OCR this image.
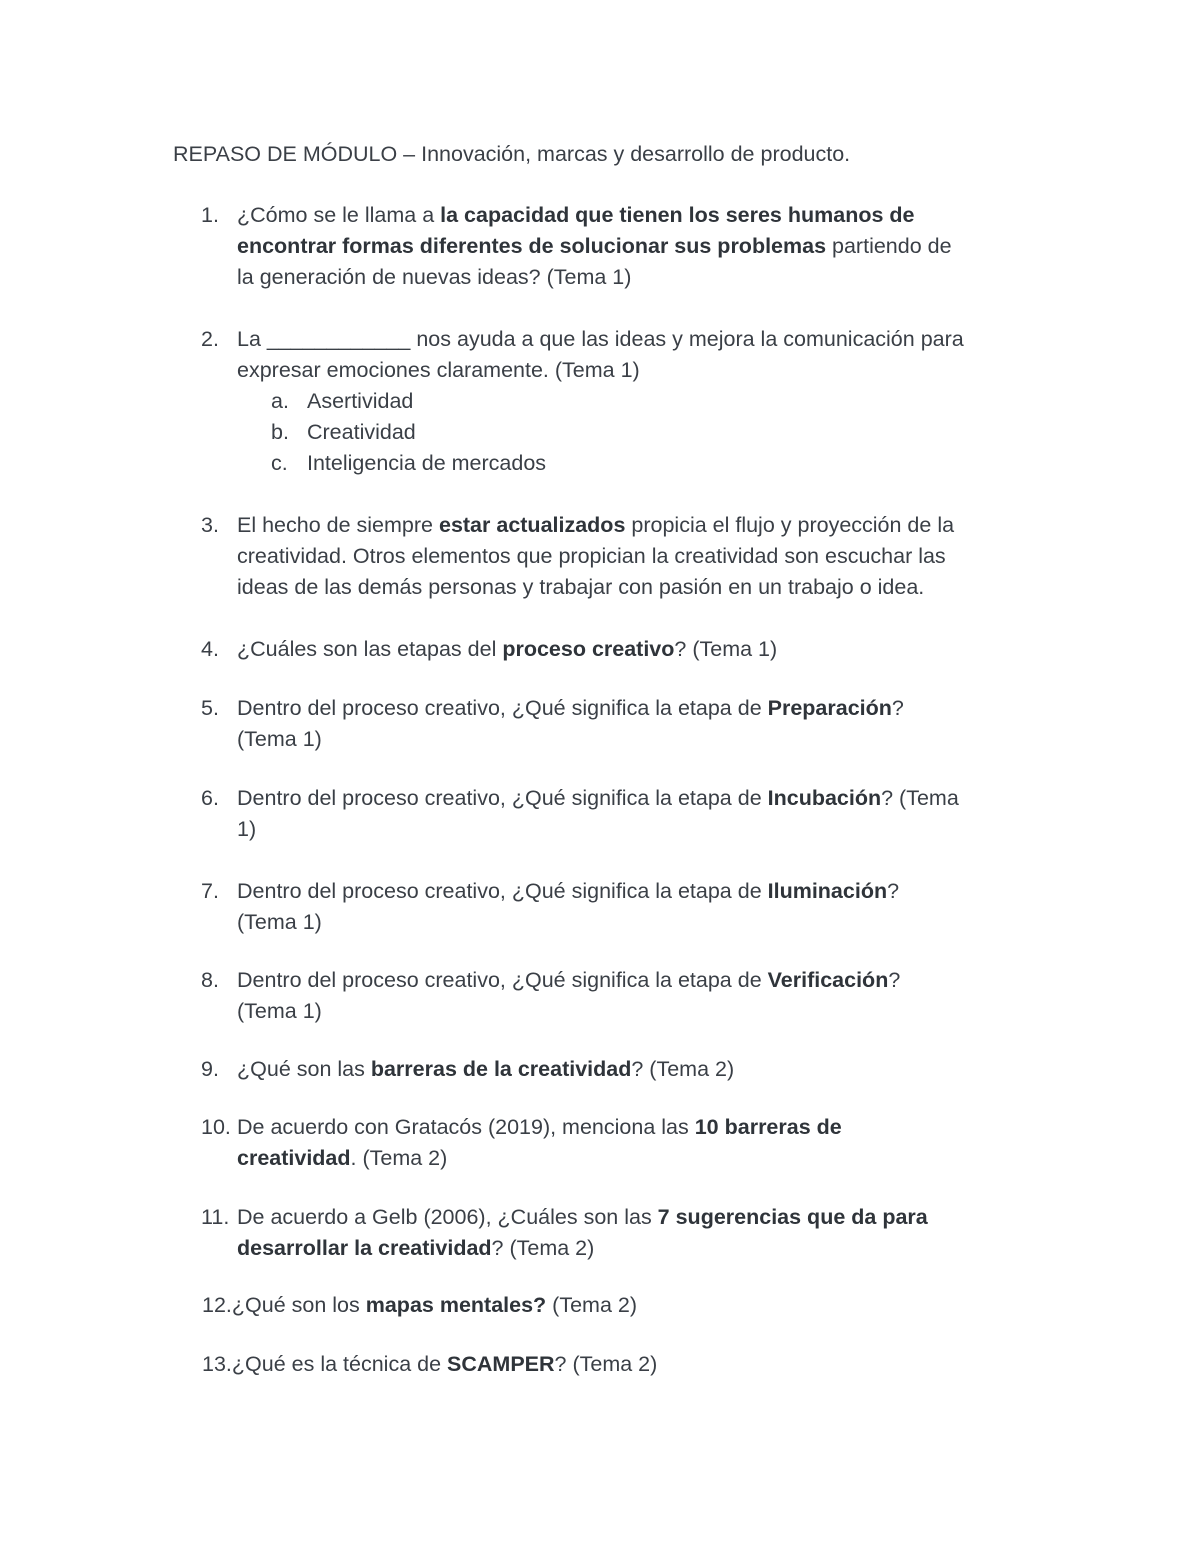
REPASO DE MÓDULO – Innovación, marcas y desarrollo de producto.
1. ¿Cómo se le llama a la capacidad que tienen los seres humanos de
encontrar formas diferentes de solucionar sus problemas partiendo de
la generación de nuevas ideas? (Tema 1)
2. La ____________ nos ayuda a que las ideas y mejora la comunicación para
expresar emociones claramente. (Tema 1)
a. Asertividad
b. Creatividad
c. Inteligencia de mercados
3. El hecho de siempre estar actualizados propicia el flujo y proyección de la
creatividad. Otros elementos que propician la creatividad son escuchar las
ideas de las demás personas y trabajar con pasión en un trabajo o idea.
4. ¿Cuáles son las etapas del proceso creativo? (Tema 1)
5. Dentro del proceso creativo, ¿Qué significa la etapa de Preparación?
(Tema 1)
6. Dentro del proceso creativo, ¿Qué significa la etapa de Incubación? (Tema
1)
7. Dentro del proceso creativo, ¿Qué significa la etapa de Iluminación?
(Tema 1)
8. Dentro del proceso creativo, ¿Qué significa la etapa de Verificación?
(Tema 1)
9. ¿Qué son las barreras de la creatividad? (Tema 2)
10. De acuerdo con Gratacós (2019), menciona las 10 barreras de
creatividad. (Tema 2)
11. De acuerdo a Gelb (2006), ¿Cuáles son las 7 sugerencias que da para
desarrollar la creatividad? (Tema 2)
12.¿Qué son los mapas mentales? (Tema 2)
13.¿Qué es la técnica de SCAMPER? (Tema 2)
